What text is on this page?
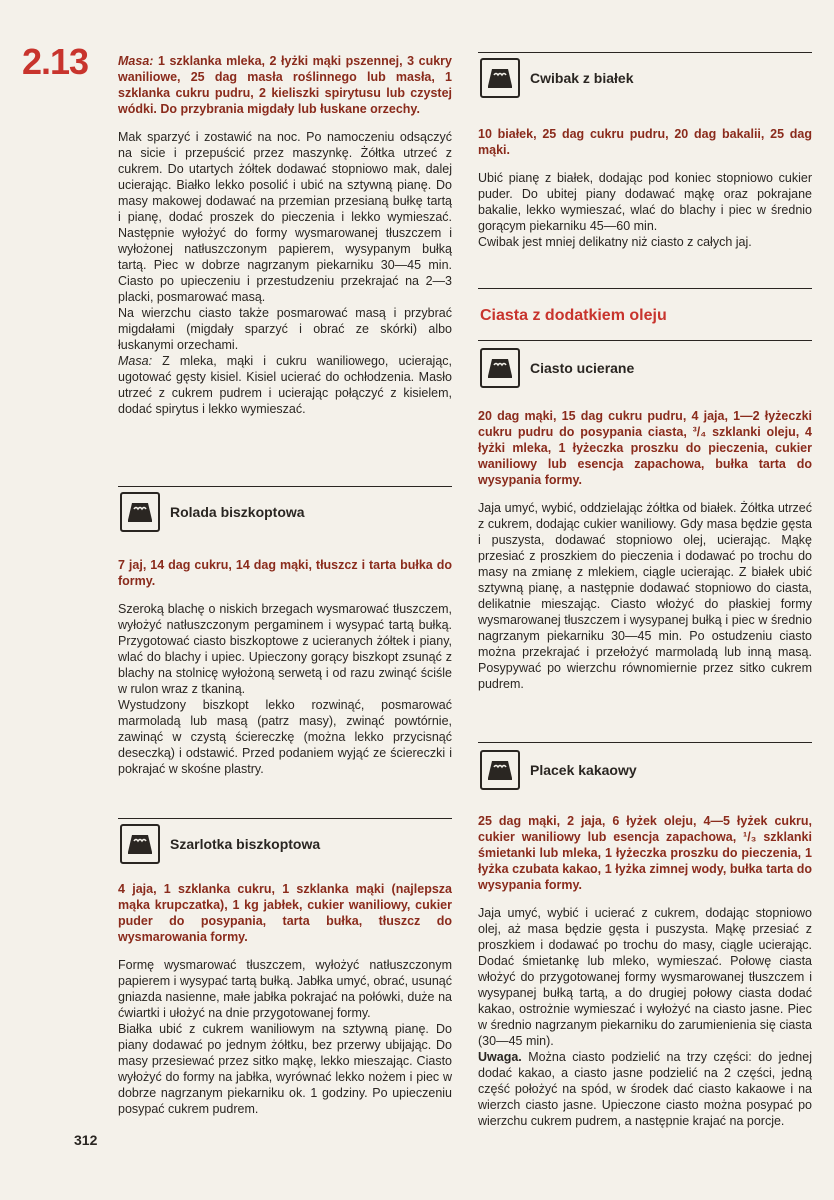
2.13
312

Masa: 1 szklanka mleka, 2 łyżki mąki pszennej, 3 cukry waniliowe, 25 dag masła roślinnego lub masła, 1 szklanka cukru pudru, 2 kieliszki spirytusu lub czystej wódki. Do przybrania migdały lub łuskane orzechy.

Mak sparzyć i zostawić na noc. Po namoczeniu odsączyć na sicie i przepuścić przez maszynkę. Żółtka utrzeć z cukrem. Do utartych żółtek dodawać stopniowo mak, dalej ucierając. Białko lekko posolić i ubić na sztywną pianę. Do masy makowej dodawać na przemian przesianą bułkę tartą i pianę, dodać proszek do pieczenia i lekko wymieszać. Następnie wyłożyć do formy wysmarowanej tłuszczem i wyłożonej natłuszczonym papierem, wysypanym bułką tartą. Piec w dobrze nagrzanym piekarniku 30—45 min. Ciasto po upieczeniu i przestudzeniu przekrajać na 2—3 placki, posmarować masą.

Na wierzchu ciasto także posmarować masą i przybrać migdałami (migdały sparzyć i obrać ze skórki) albo łuskanymi orzechami.

Masa: Z mleka, mąki i cukru waniliowego, ucierając, ugotować gęsty kisiel. Kisiel ucierać do ochłodzenia. Masło utrzeć z cukrem pudrem i ucierając połączyć z kisielem, dodać spirytus i lekko wymieszać.

Rolada biszkoptowa

7 jaj, 14 dag cukru, 14 dag mąki, tłuszcz i tarta bułka do formy.

Szeroką blachę o niskich brzegach wysmarować tłuszczem, wyłożyć natłuszczonym pergaminem i wysypać tartą bułką. Przygotować ciasto biszkoptowe z ucieranych żółtek i piany, wlać do blachy i upiec. Upieczony gorący biszkopt zsunąć z blachy na stolnicę wyłożoną serwetą i od razu zwinąć ściśle w rulon wraz z tkaniną.

Wystudzony biszkopt lekko rozwinąć, posmarować marmoladą lub masą (patrz masy), zwinąć powtórnie, zawinąć w czystą ściereczkę (można lekko przycisnąć deseczką) i odstawić. Przed podaniem wyjąć ze ściereczki i pokrajać w skośne plastry.

Szarlotka biszkoptowa

4 jaja, 1 szklanka cukru, 1 szklanka mąki (najlepsza mąka krupczatka), 1 kg jabłek, cukier waniliowy, cukier puder do posypania, tarta bułka, tłuszcz do wysmarowania formy.

Formę wysmarować tłuszczem, wyłożyć natłuszczonym papierem i wysypać tartą bułką. Jabłka umyć, obrać, usunąć gniazda nasienne, małe jabłka pokrajać na połówki, duże na ćwiartki i ułożyć na dnie przygotowanej formy.

Białka ubić z cukrem waniliowym na sztywną pianę. Do piany dodawać po jednym żółtku, bez przerwy ubijając. Do masy przesiewać przez sitko mąkę, lekko mieszając. Ciasto wyłożyć do formy na jabłka, wyrównać lekko nożem i piec w dobrze nagrzanym piekarniku ok. 1 godziny. Po upieczeniu posypać cukrem pudrem.

Cwibak z białek

10 białek, 25 dag cukru pudru, 20 dag bakalii, 25 dag mąki.

Ubić pianę z białek, dodając pod koniec stopniowo cukier puder. Do ubitej piany dodawać mąkę oraz pokrajane bakalie, lekko wymieszać, wlać do blachy i piec w średnio gorącym piekarniku 45—60 min.

Cwibak jest mniej delikatny niż ciasto z całych jaj.

Ciasta z dodatkiem oleju
Ciasto ucierane

20 dag mąki, 15 dag cukru pudru, 4 jaja, 1—2 łyżeczki cukru pudru do posypania ciasta, ³/₄ szklanki oleju, 4 łyżki mleka, 1 łyżeczka proszku do pieczenia, cukier waniliowy lub esencja zapachowa, bułka tarta do wysypania formy.

Jaja umyć, wybić, oddzielając żółtka od białek. Żółtka utrzeć z cukrem, dodając cukier waniliowy. Gdy masa będzie gęsta i puszysta, dodawać stopniowo olej, ucierając. Mąkę przesiać z proszkiem do pieczenia i dodawać po trochu do masy na zmianę z mlekiem, ciągle ucierając. Z białek ubić sztywną pianę, a następnie dodawać stopniowo do ciasta, delikatnie mieszając. Ciasto włożyć do płaskiej formy wysmarowanej tłuszczem i wysypanej bułką i piec w średnio nagrzanym piekarniku 30—45 min. Po ostudzeniu ciasto można przekrajać i przełożyć marmoladą lub inną masą. Posypywać po wierzchu równomiernie przez sitko cukrem pudrem.

Placek kakaowy

25 dag mąki, 2 jaja, 6 łyżek oleju, 4—5 łyżek cukru, cukier waniliowy lub esencja zapachowa, ¹/₃ szklanki śmietanki lub mleka, 1 łyżeczka proszku do pieczenia, 1 łyżka czubata kakao, 1 łyżka zimnej wody, bułka tarta do wysypania formy.

Jaja umyć, wybić i ucierać z cukrem, dodając stopniowo olej, aż masa będzie gęsta i puszysta. Mąkę przesiać z proszkiem i dodawać po trochu do masy, ciągle ucierając. Dodać śmietankę lub mleko, wymieszać. Połowę ciasta włożyć do przygotowanej formy wysmarowanej tłuszczem i wysypanej bułką tartą, a do drugiej połowy ciasta dodać kakao, ostrożnie wymieszać i wyłożyć na ciasto jasne. Piec w średnio nagrzanym piekarniku do zarumienienia się ciasta (30—45 min).

Uwaga. Można ciasto podzielić na trzy części: do jednej dodać kakao, a ciasto jasne podzielić na 2 części, jedną część położyć na spód, w środek dać ciasto kakaowe i na wierzch ciasto jasne. Upieczone ciasto można posypać po wierzchu cukrem pudrem, a następnie krajać na porcje.
